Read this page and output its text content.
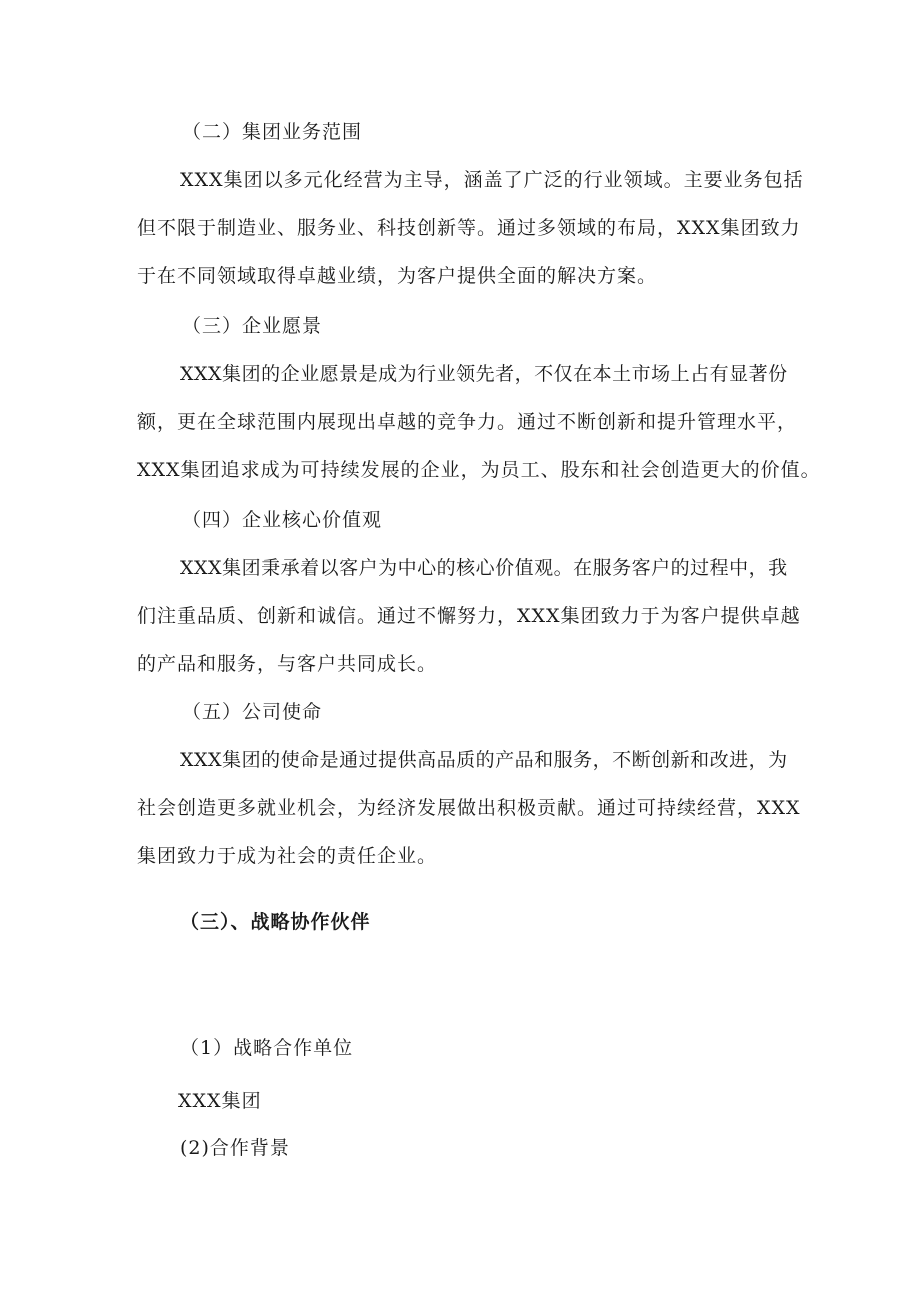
（二）集团业务范围
XXX集团以多元化经营为主导，涵盖了广泛的行业领域。主要业务包括
但不限于制造业、服务业、科技创新等。通过多领域的布局，XXX集团致力
于在不同领域取得卓越业绩，为客户提供全面的解决方案。
（三）企业愿景
XXX集团的企业愿景是成为行业领先者，不仅在本土市场上占有显著份
额，更在全球范围内展现出卓越的竞争力。通过不断创新和提升管理水平，
XXX集团追求成为可持续发展的企业，为员工、股东和社会创造更大的价值。
（四）企业核心价值观
XXX集团秉承着以客户为中心的核心价值观。在服务客户的过程中，我
们注重品质、创新和诚信。通过不懈努力，XXX集团致力于为客户提供卓越
的产品和服务，与客户共同成长。
（五）公司使命
XXX集团的使命是通过提供高品质的产品和服务，不断创新和改进，为
社会创造更多就业机会，为经济发展做出积极贡献。通过可持续经营，XXX
集团致力于成为社会的责任企业。
（三）、战略协作伙伴
（1）战略合作单位
XXX集团
(2)合作背景
